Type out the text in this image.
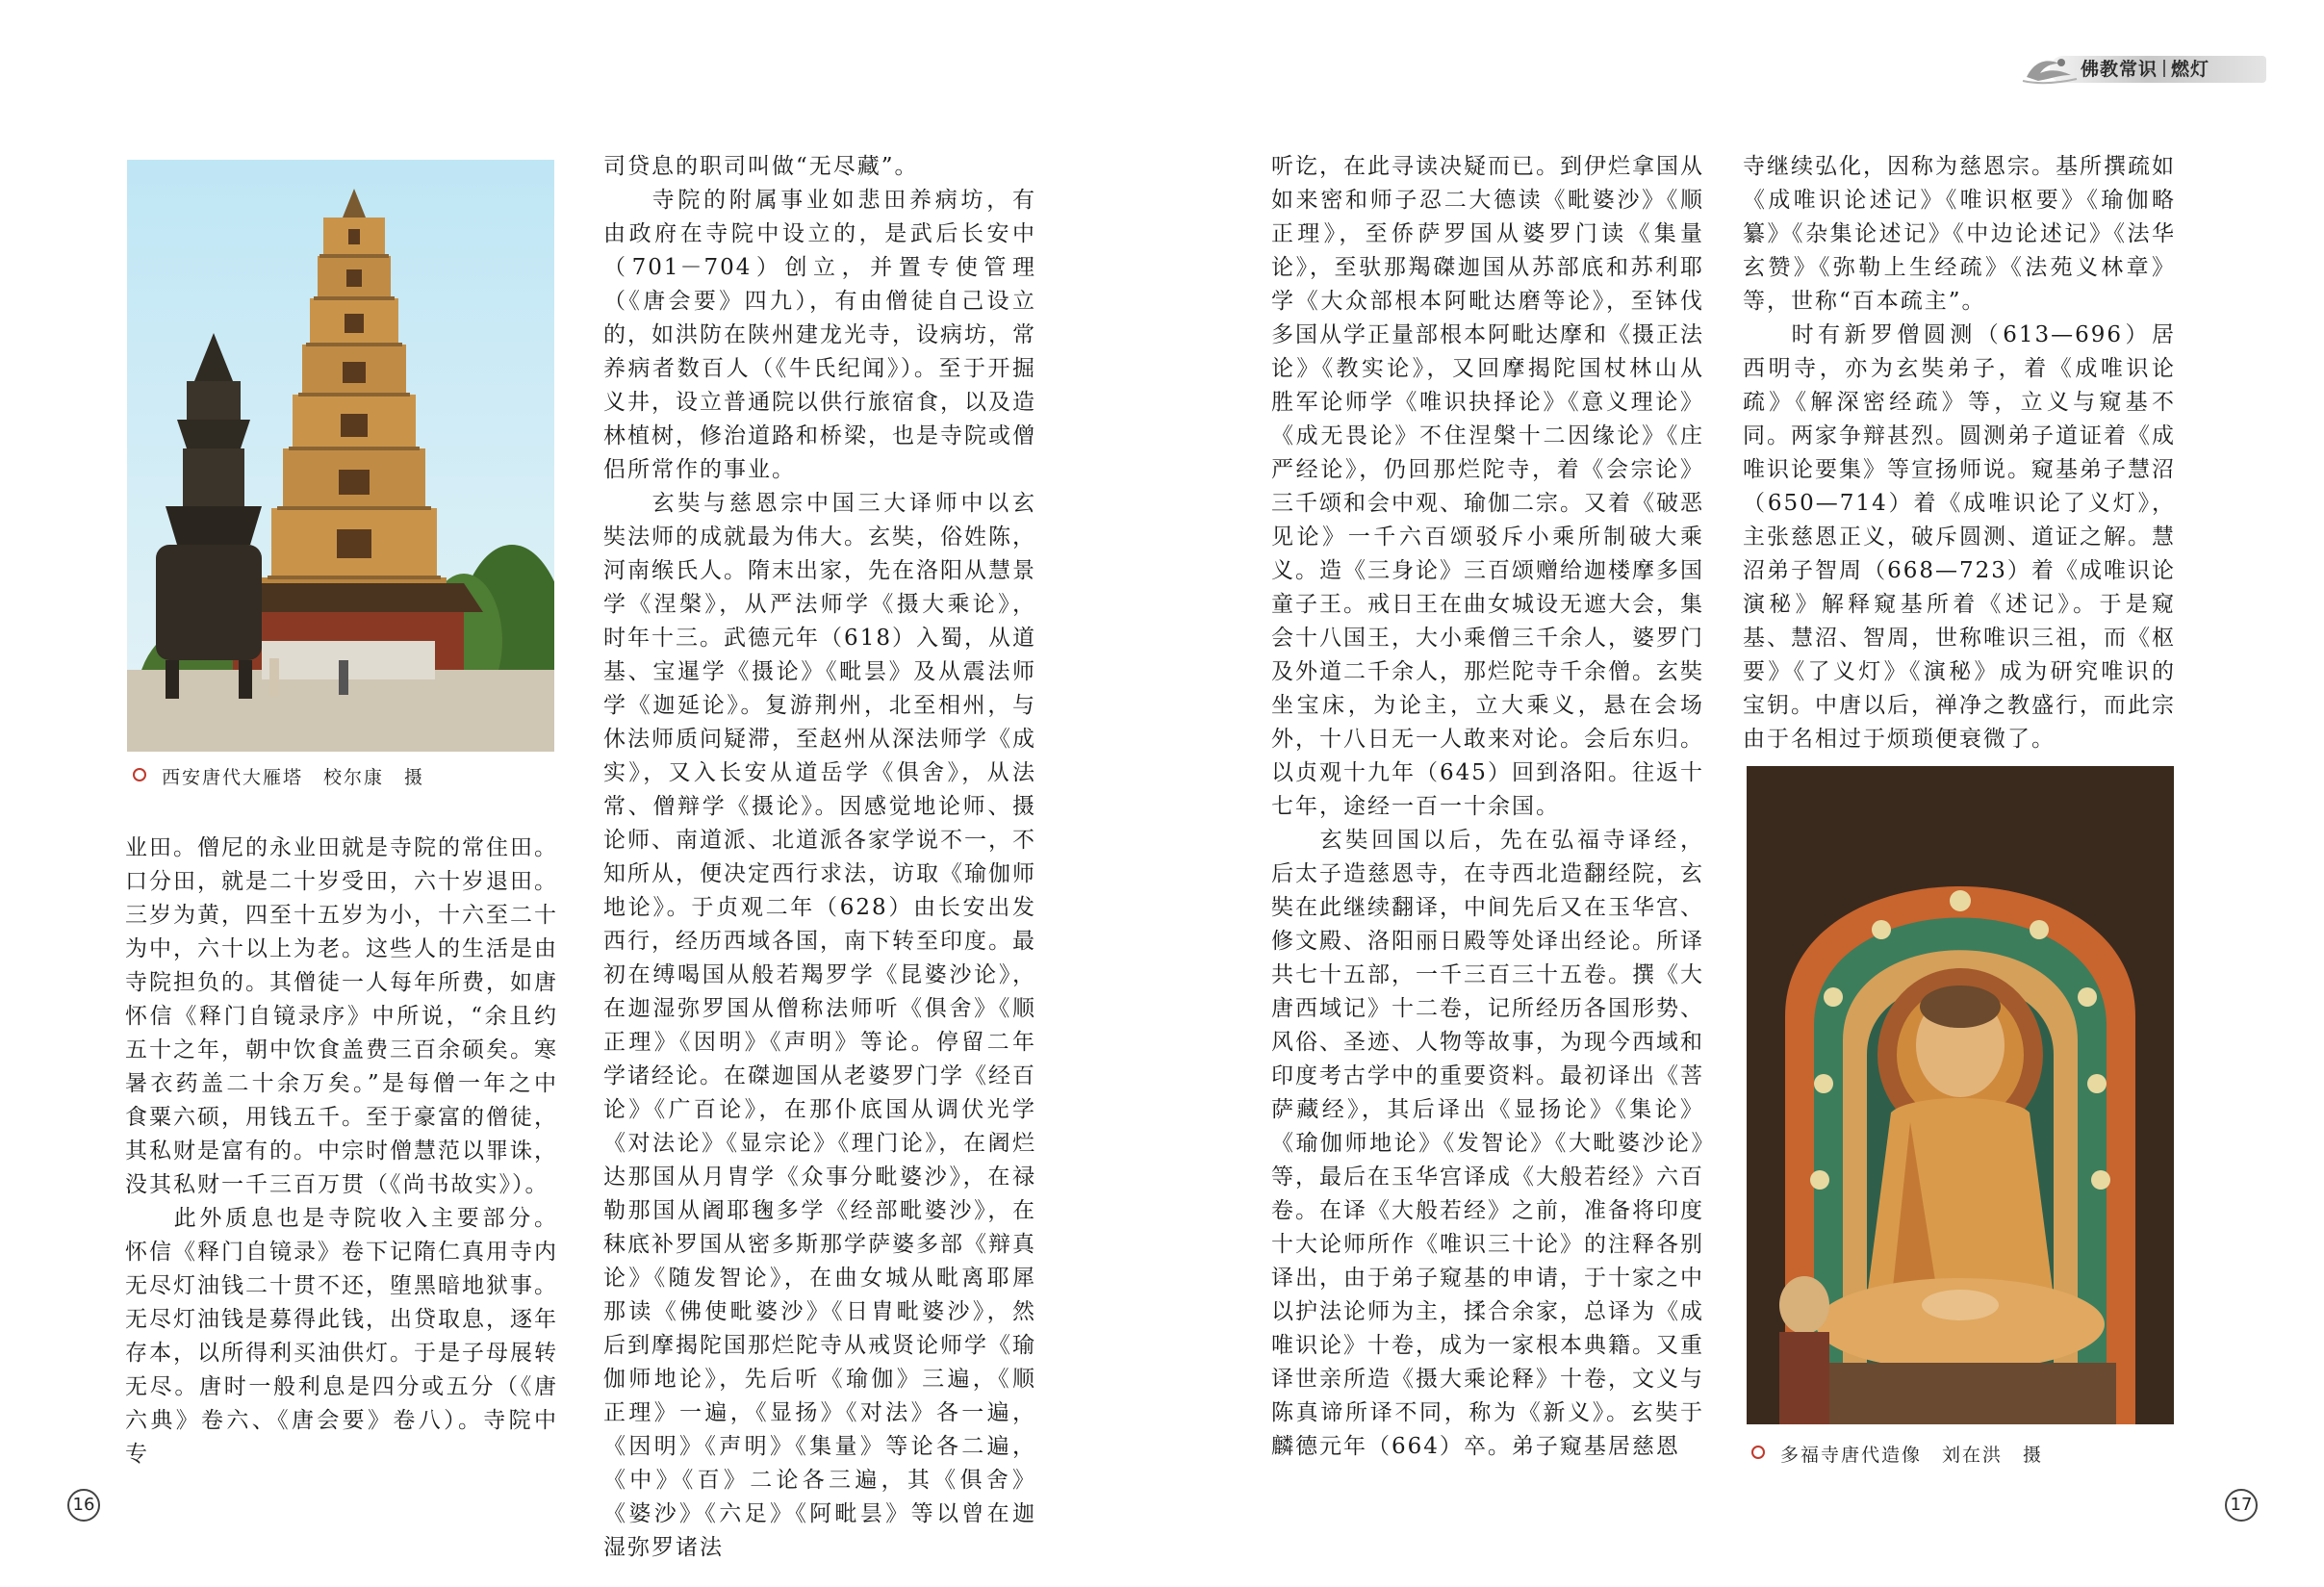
佛教常识 燃灯
西安唐代大雁塔　校尔康　摄
多福寺唐代造像　刘在洪　摄

业田。僧尼的永业田就是寺院的常住田。口分田，就是二十岁受田，六十岁退田。三岁为黄，四至十五岁为小，十六至二十为中，六十以上为老。这些人的生活是由寺院担负的。其僧徒一人每年所费，如唐怀信《释门自镜录序》中所说，“余且约五十之年，朝中饮食盖费三百余硕矣。寒暑衣药盖二十余万矣。”是每僧一年之中食粟六硕，用钱五千。至于豪富的僧徒，其私财是富有的。中宗时僧慧范以罪诛，没其私财一千三百万贯（《尚书故实》）。

此外质息也是寺院收入主要部分。怀信《释门自镜录》卷下记隋仁真用寺内无尽灯油钱二十贯不还，堕黑暗地狱事。无尽灯油钱是募得此钱，出贷取息，逐年存本，以所得利买油供灯。于是子母展转无尽。唐时一般利息是四分或五分（《唐六典》卷六、《唐会要》卷八）。寺院中专

司贷息的职司叫做“无尽藏”。

寺院的附属事业如悲田养病坊，有由政府在寺院中设立的，是武后长安中（701－704）创立，并置专使管理（《唐会要》四九），有由僧徒自己设立的，如洪防在陕州建龙光寺，设病坊，常养病者数百人（《牛氏纪闻》）。至于开掘义井，设立普通院以供行旅宿食，以及造林植树，修治道路和桥梁，也是寺院或僧侣所常作的事业。

玄奘与慈恩宗中国三大译师中以玄奘法师的成就最为伟大。玄奘，俗姓陈，河南缑氏人。隋末出家，先在洛阳从慧景学《涅槃》，从严法师学《摄大乘论》，时年十三。武德元年（618）入蜀，从道基、宝暹学《摄论》《毗昙》及从震法师学《迦延论》。复游荆州，北至相州，与休法师质问疑滞，至赵州从深法师学《成实》，又入长安从道岳学《俱舍》，从法常、僧辩学《摄论》。因感觉地论师、摄论师、南道派、北道派各家学说不一，不知所从，便决定西行求法，访取《瑜伽师地论》。于贞观二年（628）由长安出发西行，经历西域各国，南下转至印度。最初在缚喝国从般若羯罗学《昆婆沙论》，在迦湿弥罗国从僧称法师听《俱舍》《顺正理》《因明》《声明》等论。停留二年学诸经论。在磔迦国从老婆罗门学《经百论》《广百论》，在那仆底国从调伏光学《对法论》《显宗论》《理门论》，在阇烂达那国从月胄学《众事分毗婆沙》，在禄勒那国从阇耶毱多学《经部毗婆沙》，在秣底补罗国从密多斯那学萨婆多部《辩真论》《随发智论》，在曲女城从毗离耶犀那读《佛使毗婆沙》《日胄毗婆沙》，然后到摩揭陀国那烂陀寺从戒贤论师学《瑜伽师地论》，先后听《瑜伽》三遍，《顺正理》一遍，《显扬》《对法》各一遍，《因明》《声明》《集量》等论各二遍，《中》《百》二论各三遍，其《俱舍》《婆沙》《六足》《阿毗昙》等以曾在迦湿弥罗诸法

听讫，在此寻读决疑而已。到伊烂拿国从如来密和师子忍二大德读《毗婆沙》《顺正理》，至侨萨罗国从婆罗门读《集量论》，至驮那羯磔迦国从苏部底和苏利耶学《大众部根本阿毗达磨等论》，至钵伐多国从学正量部根本阿毗达摩和《摄正法论》《教实论》，又回摩揭陀国杖林山从胜军论师学《唯识抉择论》《意义理论》《成无畏论》不住涅槃十二因缘论》《庄严经论》，仍回那烂陀寺，着《会宗论》三千颂和会中观、瑜伽二宗。又着《破恶见论》一千六百颂驳斥小乘所制破大乘义。造《三身论》三百颂赠给迦楼摩多国童子王。戒日王在曲女城设无遮大会，集会十八国王，大小乘僧三千余人，婆罗门及外道二千余人，那烂陀寺千余僧。玄奘坐宝床，为论主，立大乘义，悬在会场外，十八日无一人敢来对论。会后东归。以贞观十九年（645）回到洛阳。往返十七年，途经一百一十余国。

玄奘回国以后，先在弘福寺译经，后太子造慈恩寺，在寺西北造翻经院，玄奘在此继续翻译，中间先后又在玉华宫、修文殿、洛阳丽日殿等处译出经论。所译共七十五部，一千三百三十五卷。撰《大唐西域记》十二卷，记所经历各国形势、风俗、圣迹、人物等故事，为现今西域和印度考古学中的重要资料。最初译出《菩萨藏经》，其后译出《显扬论》《集论》《瑜伽师地论》《发智论》《大毗婆沙论》等，最后在玉华宫译成《大般若经》六百卷。在译《大般若经》之前，准备将印度十大论师所作《唯识三十论》的注释各别译出，由于弟子窥基的申请，于十家之中以护法论师为主，揉合余家，总译为《成唯识论》十卷，成为一家根本典籍。又重译世亲所造《摄大乘论释》十卷，文义与陈真谛所译不同，称为《新义》。玄奘于麟德元年（664）卒。弟子窥基居慈恩

寺继续弘化，因称为慈恩宗。基所撰疏如《成唯识论述记》《唯识枢要》《瑜伽略纂》《杂集论述记》《中边论述记》《法华玄赞》《弥勒上生经疏》《法苑义林章》等，世称“百本疏主”。

时有新罗僧圆测（613—696）居西明寺，亦为玄奘弟子，着《成唯识论疏》《解深密经疏》等，立义与窥基不同。两家争辩甚烈。圆测弟子道证着《成唯识论要集》等宣扬师说。窥基弟子慧沼（650—714）着《成唯识论了义灯》，主张慈恩正义，破斥圆测、道证之解。慧沼弟子智周（668—723）着《成唯识论演秘》解释窥基所着《述记》。于是窥基、慧沼、智周，世称唯识三祖，而《枢要》《了义灯》《演秘》成为研究唯识的宝钥。中唐以后，禅净之教盛行，而此宗由于名相过于烦琐便衰微了。

16	17
